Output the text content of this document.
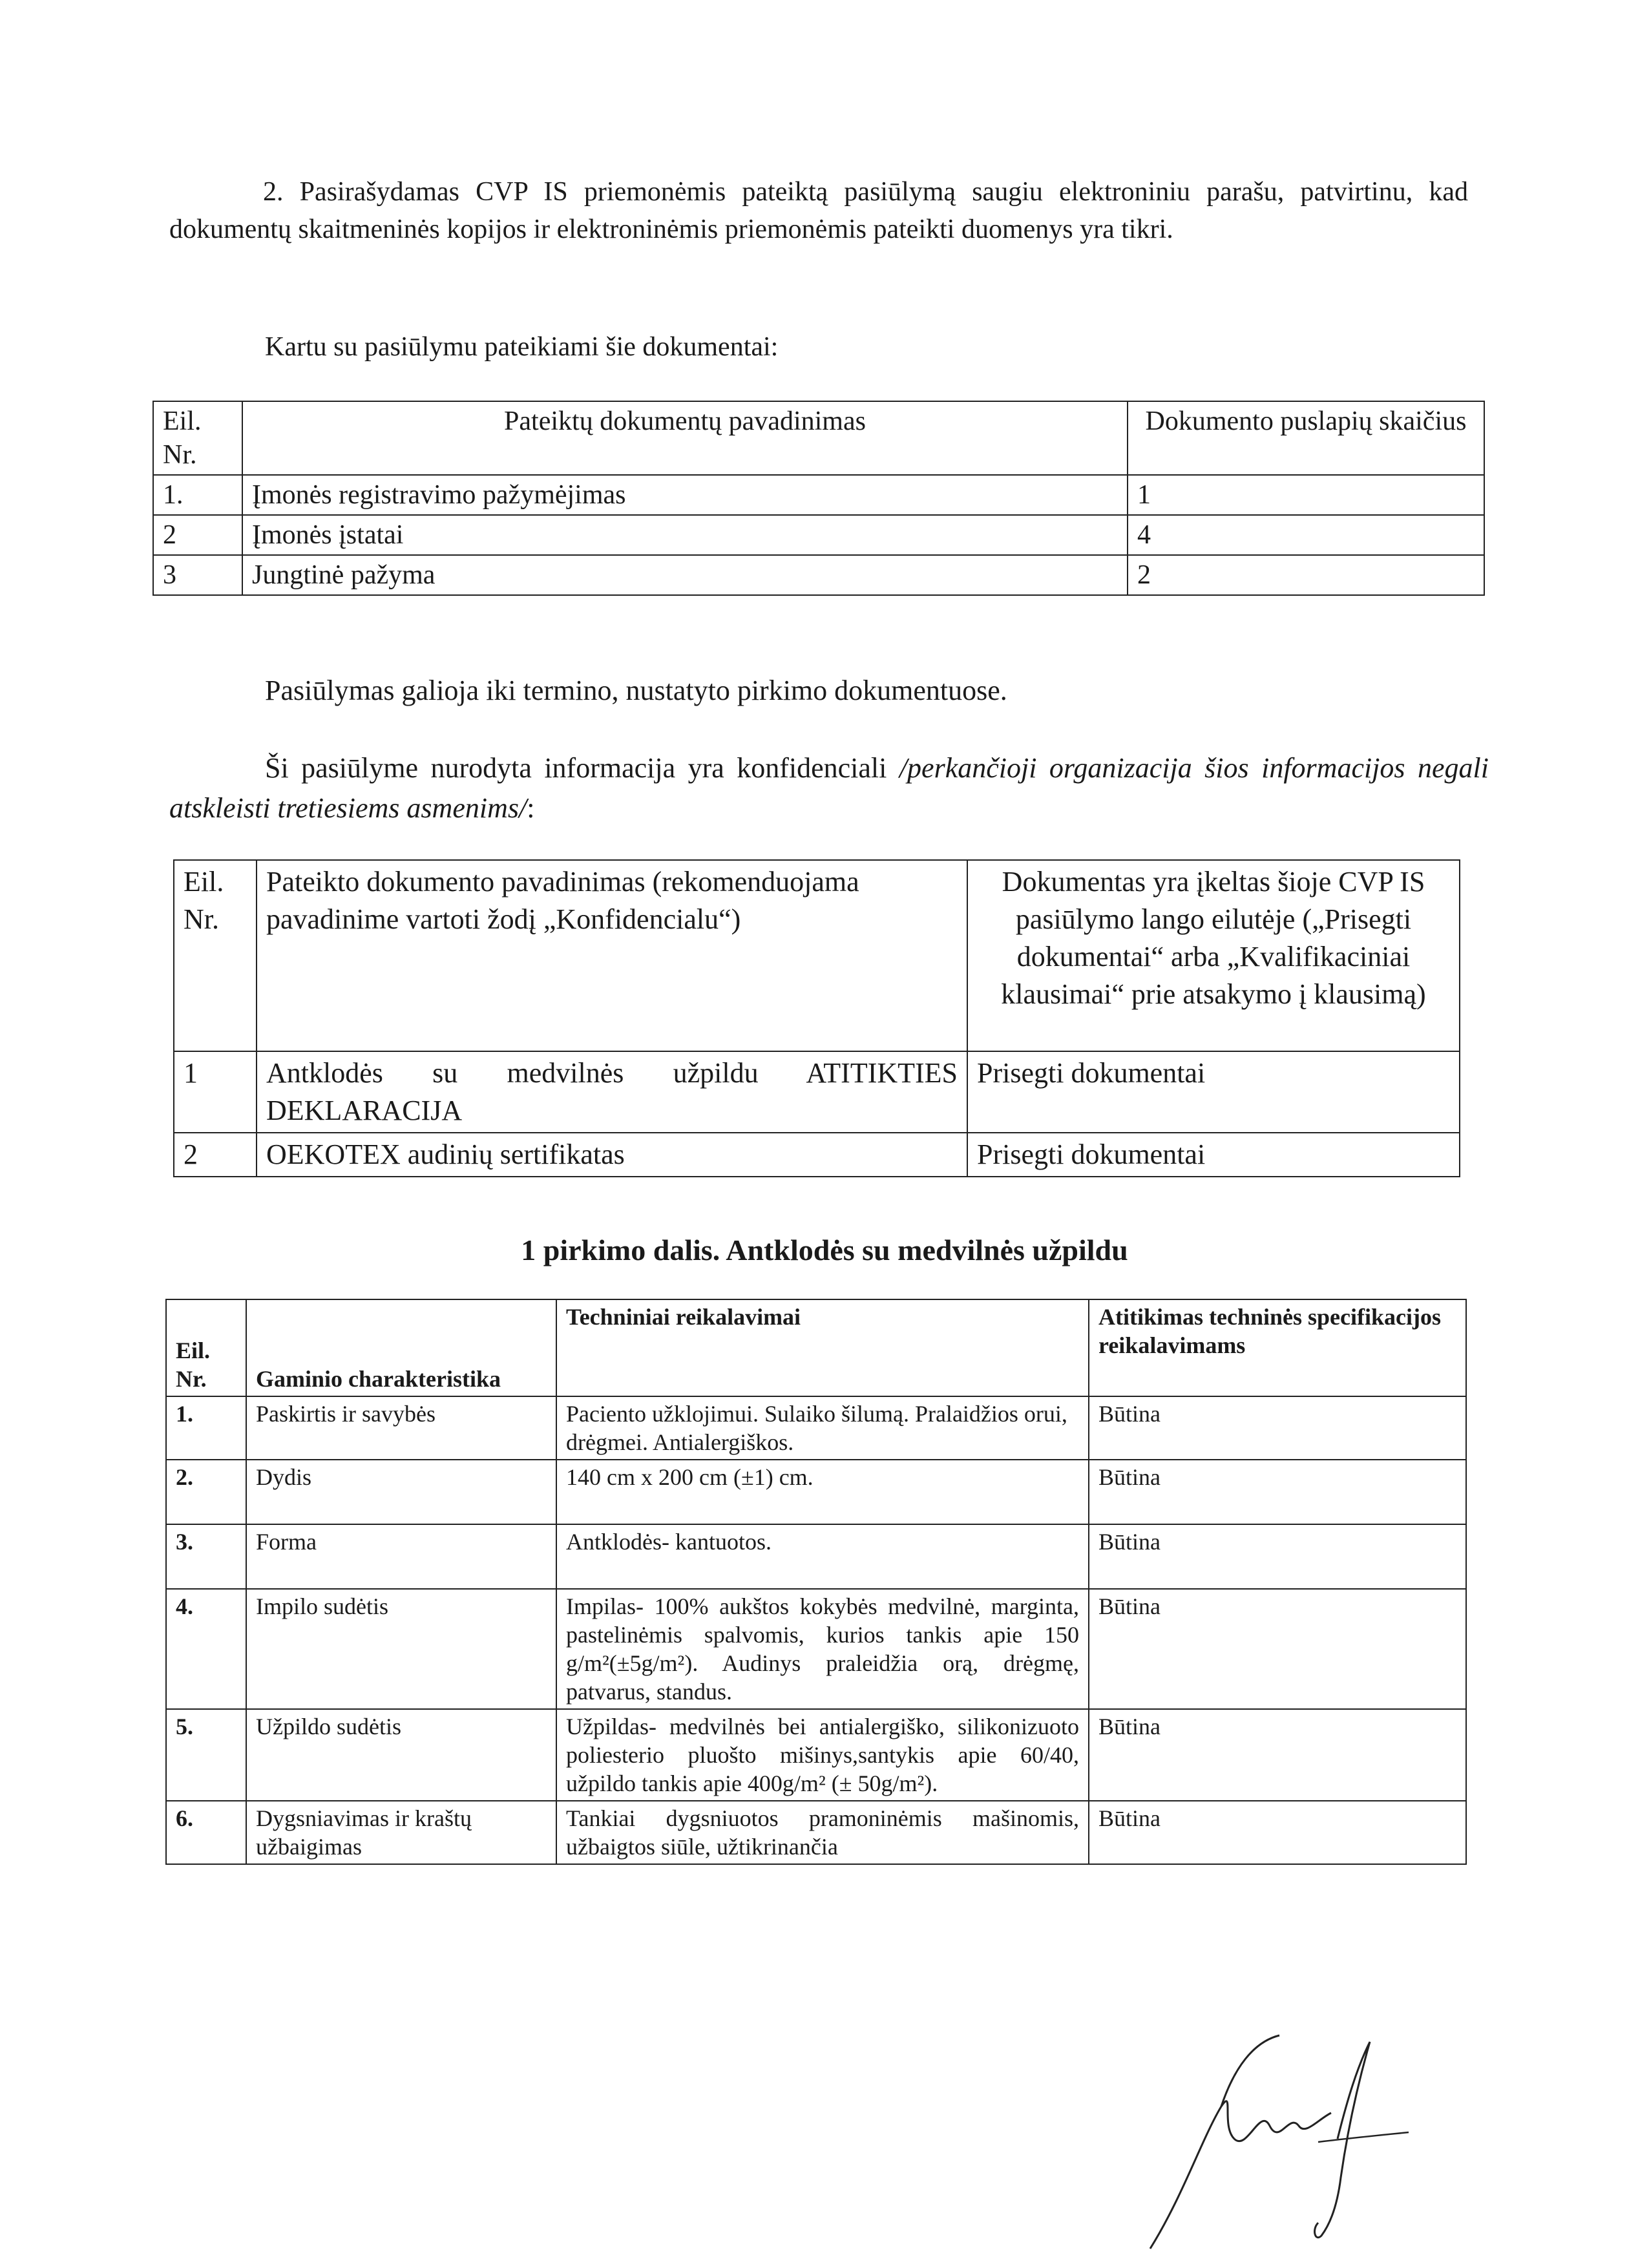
2. Pasirašydamas CVP IS priemonėmis pateiktą pasiūlymą saugiu elektroniniu parašu, patvirtinu, kad dokumentų skaitmeninės kopijos ir elektroninėmis priemonėmis pateikti duomenys yra tikri.
Kartu su pasiūlymu pateikiami šie dokumentai:
Eil. Nr.	Pateiktų dokumentų pavadinimas	Dokumento puslapių skaičius
1.	Įmonės registravimo pažymėjimas	1
2	Įmonės įstatai	4
3	Jungtinė pažyma	2
Pasiūlymas galioja iki termino, nustatyto pirkimo dokumentuose.
Ši pasiūlyme nurodyta informacija yra konfidenciali /perkančioji organizacija šios informacijos negali atskleisti tretiesiems asmenims/:
Eil. Nr.	Pateikto dokumento pavadinimas (rekomenduojama pavadinime vartoti žodį „Konfidencialu“)	Dokumentas yra įkeltas šioje CVP IS pasiūlymo lango eilutėje („Prisegti dokumentai“ arba „Kvalifikaciniai klausimai“ prie atsakymo į klausimą)
1	Antklodės su medvilnės užpildu ATITIKTIES DEKLARACIJA	Prisegti dokumentai
2	OEKOTEX audinių sertifikatas	Prisegti dokumentai
1 pirkimo dalis. Antklodės su medvilnės užpildu
Eil. Nr.	Gaminio charakteristika	Techniniai reikalavimai	Atitikimas techninės specifikacijos reikalavimams
1.	Paskirtis ir savybės	Paciento užklojimui. Sulaiko šilumą. Pralaidžios orui, drėgmei. Antialergiškos.	Būtina
2.	Dydis	140 cm x 200 cm (±1) cm.	Būtina
3.	Forma	Antklodės- kantuotos.	Būtina
4.	Impilo sudėtis	Impilas- 100% aukštos kokybės medvilnė, marginta, pastelinėmis spalvomis, kurios tankis apie 150 g/m²(±5g/m²). Audinys praleidžia orą, drėgmę, patvarus, standus.	Būtina
5.	Užpildo sudėtis	Užpildas- medvilnės bei antialergiško, silikonizuoto poliesterio pluošto mišinys,santykis apie 60/40, užpildo tankis apie 400g/m² (± 50g/m²).	Būtina
6.	Dygsniavimas ir kraštų užbaigimas	Tankiai dygsniuotos pramoninėmis mašinomis, užbaigtos siūle, užtikrinančia	Būtina
